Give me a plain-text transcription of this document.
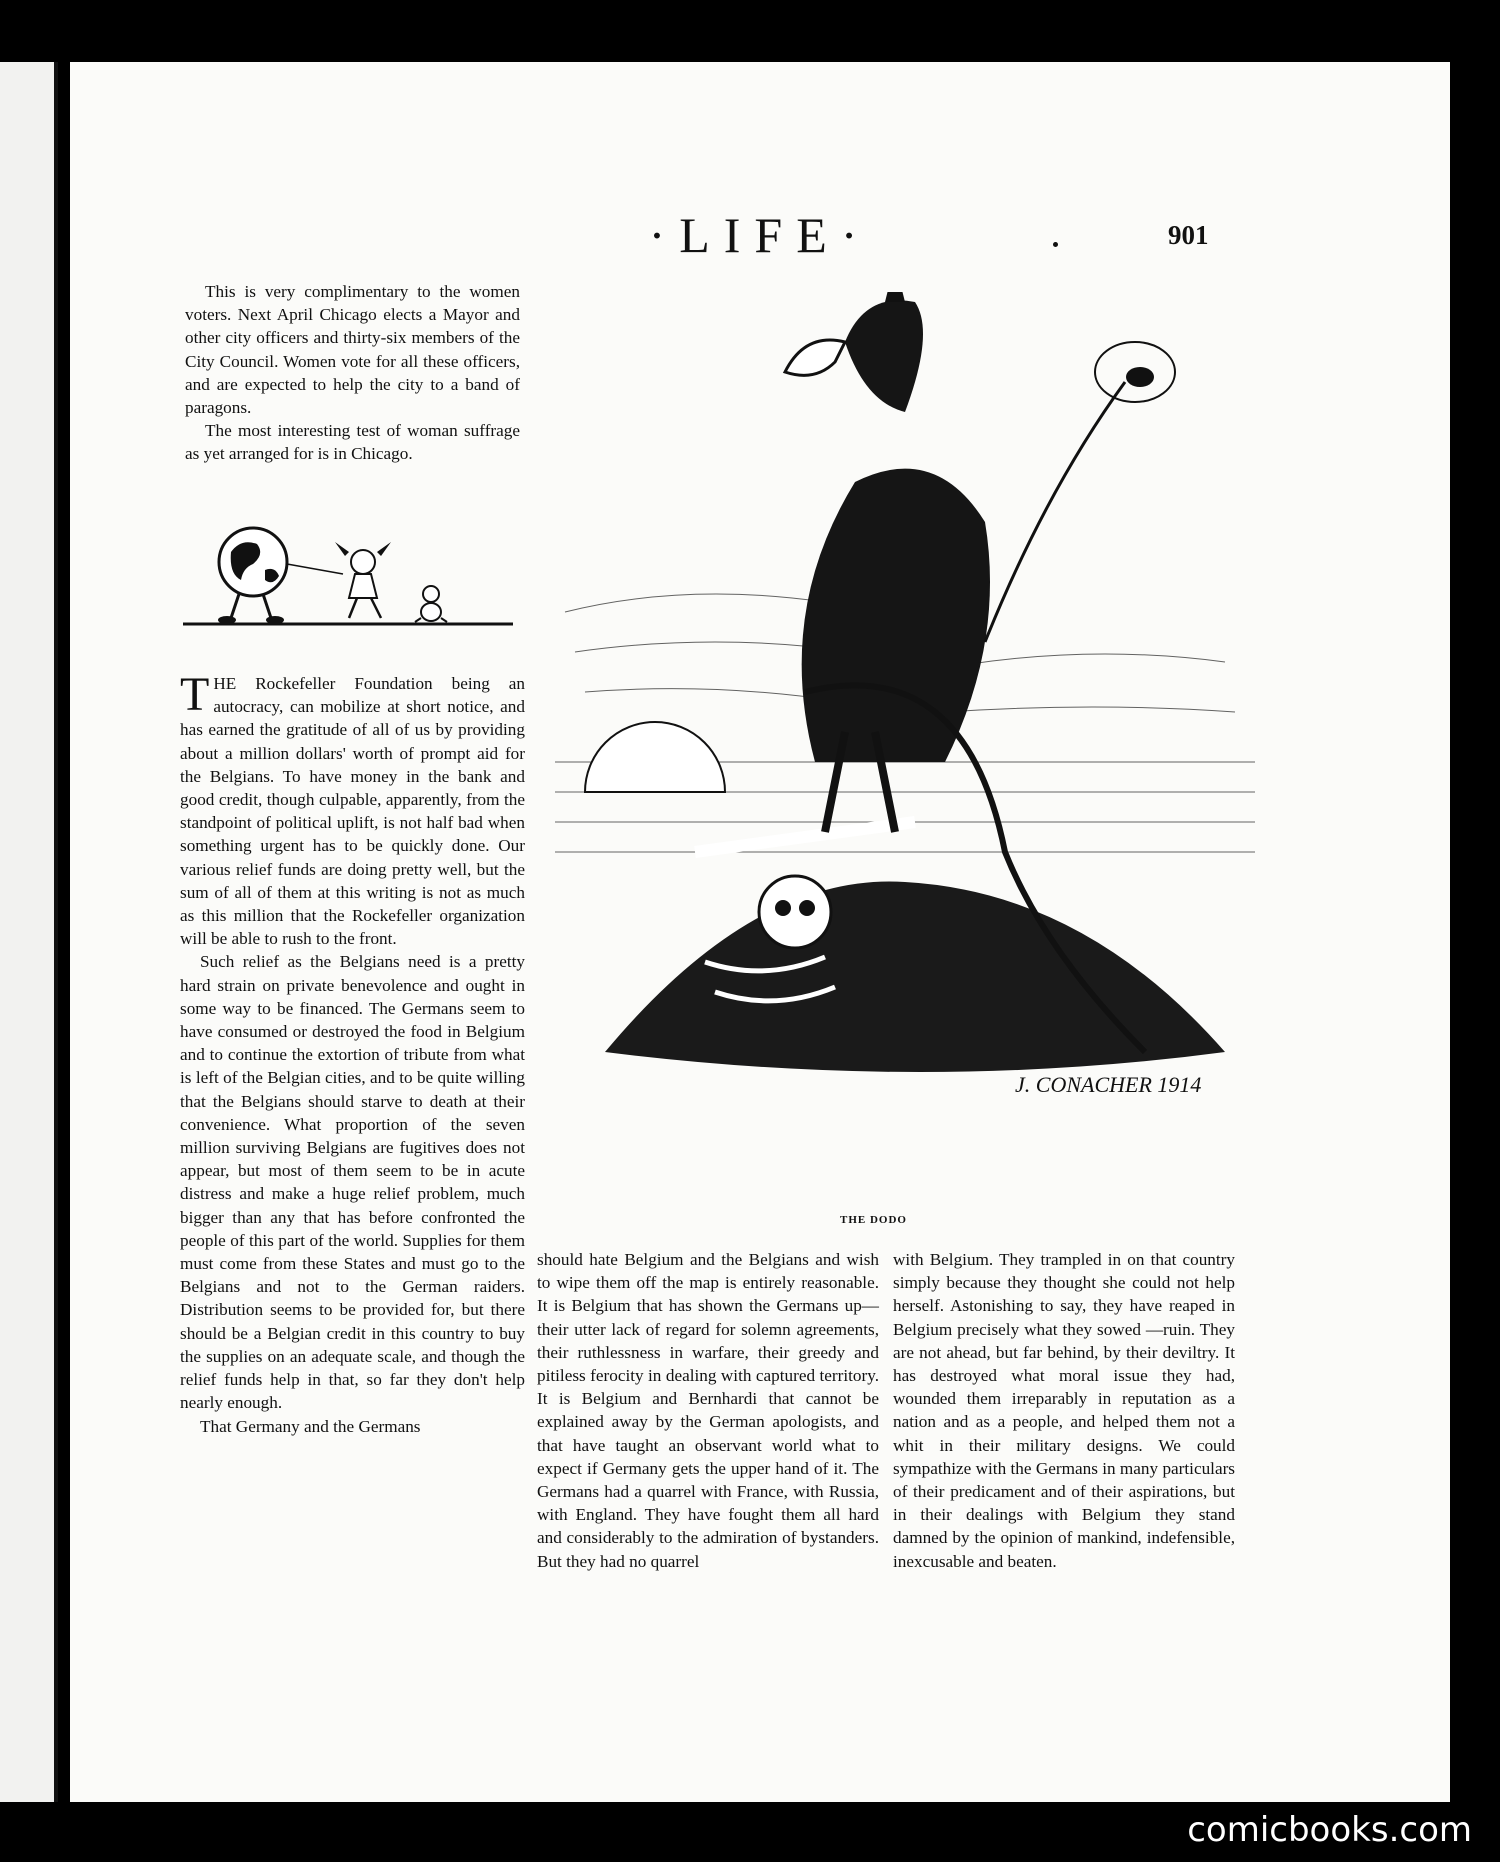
·LIFE·	901

This is very complimentary to the women voters. Next April Chicago elects a Mayor and other city officers and thirty-six members of the City Council. Women vote for all these officers, and are expected to help the city to a band of paragons.

The most interesting test of woman suffrage as yet arranged for is in Chicago.

THE Rockefeller Foundation being an autocracy, can mobilize at short notice, and has earned the gratitude of all of us by providing about a million dollars' worth of prompt aid for the Belgians. To have money in the bank and good credit, though culpable, apparently, from the standpoint of political uplift, is not half bad when something urgent has to be quickly done. Our various relief funds are doing pretty well, but the sum of all of them at this writing is not as much as this million that the Rockefeller organization will be able to rush to the front.

Such relief as the Belgians need is a pretty hard strain on private benevolence and ought in some way to be financed. The Germans seem to have consumed or destroyed the food in Belgium and to continue the extortion of tribute from what is left of the Belgian cities, and to be quite willing that the Belgians should starve to death at their convenience. What proportion of the seven million surviving Belgians are fugitives does not appear, but most of them seem to be in acute distress and make a huge relief problem, much bigger than any that has before confronted the people of this part of the world. Supplies for them must come from these States and must go to the Belgians and not to the German raiders. Distribution seems to be provided for, but there should be a Belgian credit in this country to buy the supplies on an adequate scale, and though the relief funds help in that, so far they don't help nearly enough.

That Germany and the Germans

J. CONACHER 1914
THE DODO

should hate Belgium and the Belgians and wish to wipe them off the map is entirely reasonable. It is Belgium that has shown the Germans up—their utter lack of regard for solemn agreements, their ruthlessness in warfare, their greedy and pitiless ferocity in dealing with captured territory. It is Belgium and Bernhardi that cannot be explained away by the German apologists, and that have taught an observant world what to expect if Germany gets the upper hand of it. The Germans had a quarrel with France, with Russia, with England. They have fought them all hard and considerably to the admiration of bystanders. But they had no quarrel

with Belgium. They trampled in on that country simply because they thought she could not help herself. Astonishing to say, they have reaped in Belgium precisely what they sowed —ruin. They are not ahead, but far behind, by their deviltry. It has destroyed what moral issue they had, wounded them irreparably in reputation as a nation and as a people, and helped them not a whit in their military designs. We could sympathize with the Germans in many particulars of their predicament and of their aspirations, but in their dealings with Belgium they stand damned by the opinion of mankind, indefensible, inexcusable and beaten.

comicbooks.com
